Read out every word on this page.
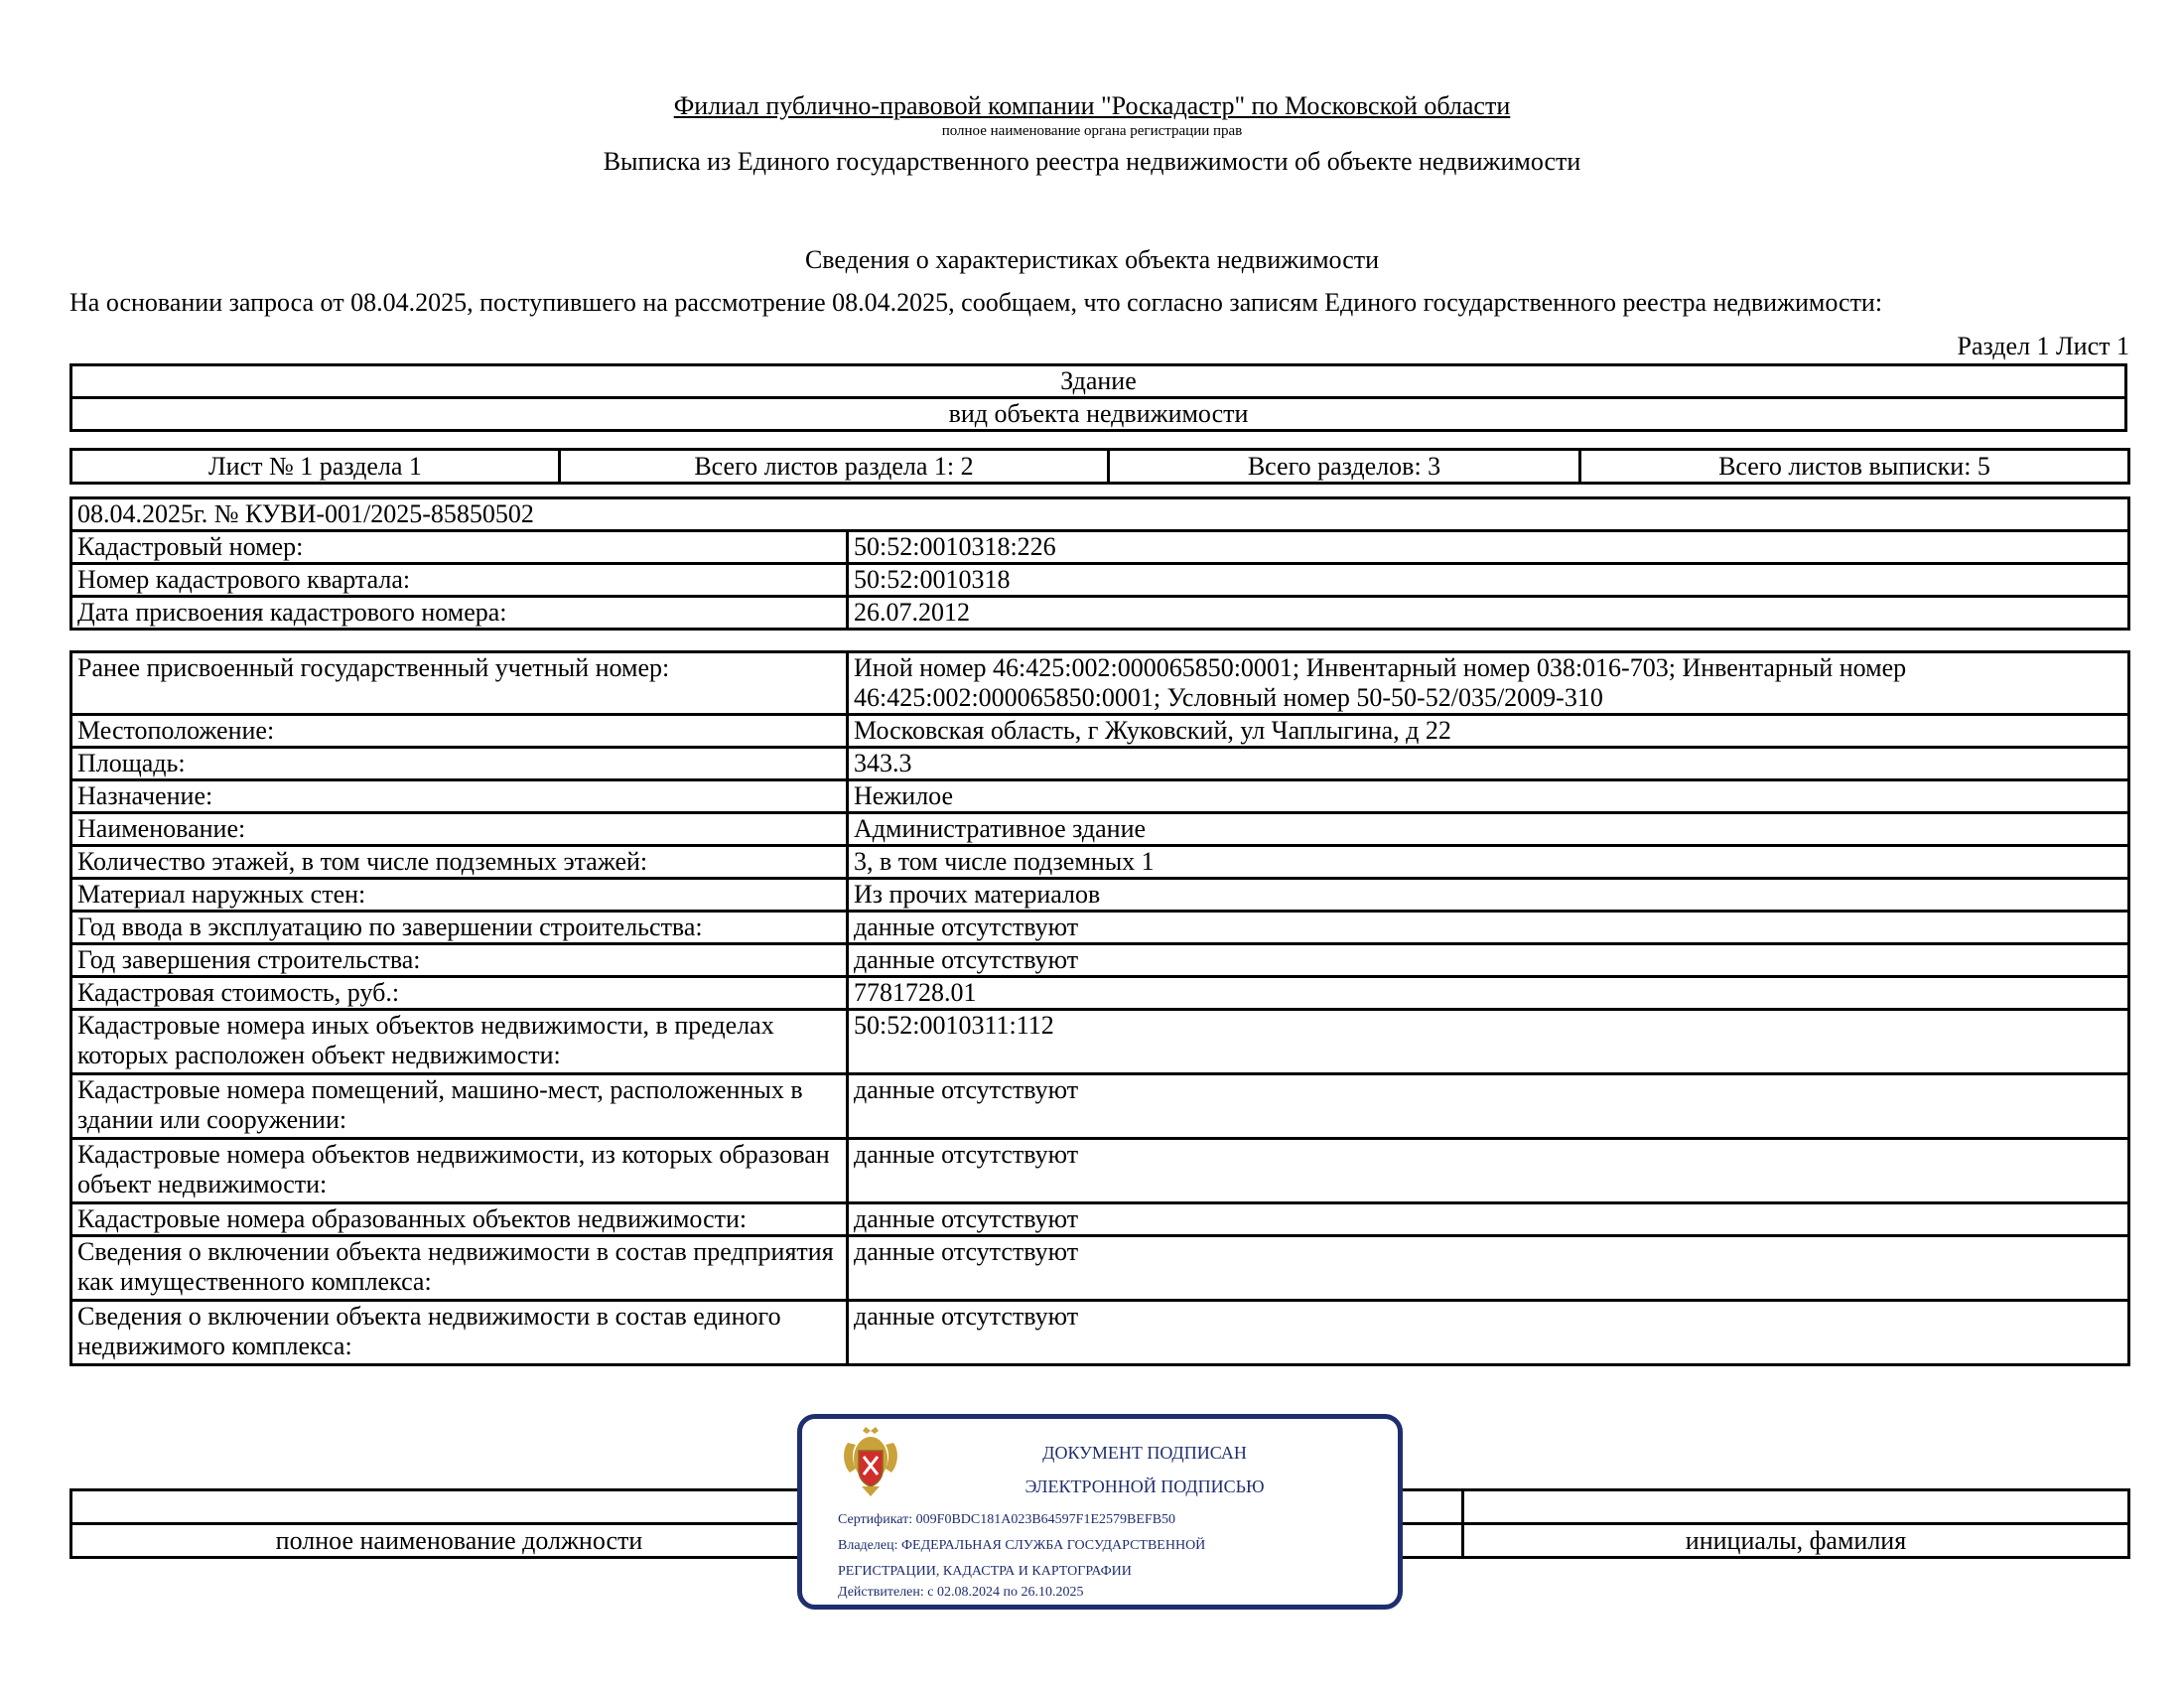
Филиал публично-правовой компании "Роскадастр" по Московской области
полное наименование органа регистрации прав
Выписка из Единого государственного реестра недвижимости об объекте недвижимости
Сведения о характеристиках объекта недвижимости
На основании запроса от 08.04.2025, поступившего на рассмотрение 08.04.2025, сообщаем, что согласно записям Единого государственного реестра недвижимости:
Раздел 1 Лист 1
Здание
вид объекта недвижимости
Лист № 1 раздела 1	Всего листов раздела 1: 2	Всего разделов: 3	Всего листов выписки: 5
08.04.2025г. № КУВИ-001/2025-85850502	
Кадастровый номер:	50:52:0010318:226
Номер кадастрового квартала:	50:52:0010318
Дата присвоения кадастрового номера:	26.07.2012
Ранее присвоенный государственный учетный номер:	Иной номер 46:425:002:000065850:0001; Инвентарный номер 038:016-703; Инвентарный номер 46:425:002:000065850:0001; Условный номер 50-50-52/035/2009-310
Местоположение:	Московская область, г Жуковский, ул Чаплыгина, д 22
Площадь:	343.3
Назначение:	Нежилое
Наименование:	Административное здание
Количество этажей, в том числе подземных этажей:	3, в том числе подземных 1
Материал наружных стен:	Из прочих материалов
Год ввода в эксплуатацию по завершении строительства:	данные отсутствуют
Год завершения строительства:	данные отсутствуют
Кадастровая стоимость, руб.:	7781728.01
Кадастровые номера иных объектов недвижимости, в пределах которых расположен объект недвижимости:	50:52:0010311:112
Кадастровые номера помещений, машино-мест, расположенных в здании или сооружении:	данные отсутствуют
Кадастровые номера объектов недвижимости, из которых образован объект недвижимости:	данные отсутствуют
Кадастровые номера образованных объектов недвижимости:	данные отсутствуют
Сведения о включении объекта недвижимости в состав предприятия как имущественного комплекса:	данные отсутствуют
Сведения о включении объекта недвижимости в состав единого недвижимого комплекса:	данные отсутствуют

полное наименование должности		инициалы, фамилия
ДОКУМЕНТ ПОДПИСАН
ЭЛЕКТРОННОЙ ПОДПИСЬЮ
Сертификат: 009F0BDC181A023B64597F1E2579BEFB50
Владелец: ФЕДЕРАЛЬНАЯ СЛУЖБА ГОСУДАРСТВЕННОЙ
РЕГИСТРАЦИИ, КАДАСТРА И КАРТОГРАФИИ
Действителен: с 02.08.2024 по 26.10.2025
